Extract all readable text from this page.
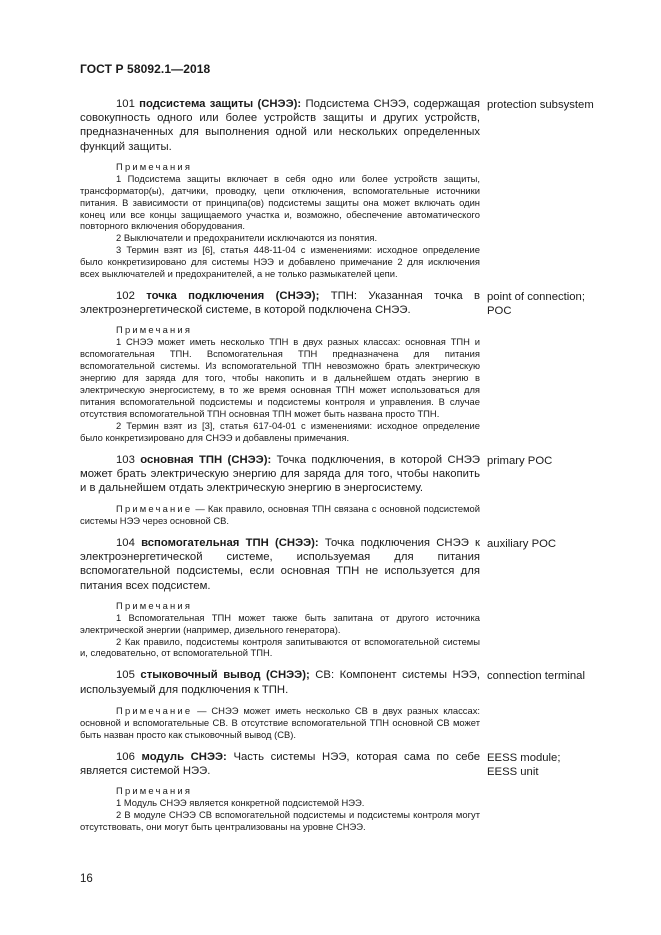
ГОСТ Р 58092.1—2018

101 подсистема защиты (СНЭЭ): Подсистема СНЭЭ, содержащая совокупность одного или более устройств защиты и других устройств, предназначенных для выполнения одной или нескольких определенных функций защиты.

Примечания

1 Подсистема защиты включает в себя одно или более устройств защиты, трансформатор(ы), датчики, проводку, цепи отключения, вспомогательные источники питания. В зависимости от принципа(ов) подсистемы защиты она может включать один конец или все концы защищаемого участка и, возможно, обеспечение автоматического повторного включения оборудования.

2 Выключатели и предохранители исключаются из понятия.

3 Термин взят из [6], статья 448-11-04 с изменениями: исходное определение было конкретизировано для системы НЭЭ и добавлено примечание 2 для исключения всех выключателей и предохранителей, а не только размыкателей цепи.

protection subsystem

102 точка подключения (СНЭЭ); ТПН: Указанная точка в электроэнергетической системе, в которой подключена СНЭЭ.

Примечания

1 СНЭЭ может иметь несколько ТПН в двух разных классах: основная ТПН и вспомогательная ТПН. Вспомогательная ТПН предназначена для питания вспомогательной системы. Из вспомогательной ТПН невозможно брать электрическую энергию для заряда для того, чтобы накопить и в дальнейшем отдать энергию в электрическую энергосистему, в то же время основная ТПН может использоваться для питания вспомогательной подсистемы и подсистемы контроля и управления. В случае отсутствия вспомогательной ТПН основная ТПН может быть названа просто ТПН.

2 Термин взят из [3], статья 617-04-01 с изменениями: исходное определение было конкретизировано для СНЭЭ и добавлены примечания.

point of connection;
POC

103 основная ТПН (СНЭЭ): Точка подключения, в которой СНЭЭ может брать электрическую энергию для заряда для того, чтобы накопить и в дальнейшем отдать электрическую энергию в энергосистему.

Примечание — Как правило, основная ТПН связана с основной подсистемой системы НЭЭ через основной СВ.

primary POC

104 вспомогательная ТПН (СНЭЭ): Точка подключения СНЭЭ к электроэнергетической системе, используемая для питания вспомогательной подсистемы, если основная ТПН не используется для питания всех подсистем.

Примечания

1 Вспомогательная ТПН может также быть запитана от другого источника электрической энергии (например, дизельного генератора).

2 Как правило, подсистемы контроля запитываются от вспомогательной системы и, следовательно, от вспомогательной ТПН.

auxiliary POC

105 стыковочный вывод (СНЭЭ); СВ: Компонент системы НЭЭ, используемый для подключения к ТПН.

Примечание — СНЭЭ может иметь несколько СВ в двух разных классах: основной и вспомогательные СВ. В отсутствие вспомогательной ТПН основной СВ может быть назван просто как стыковочный вывод (СВ).

connection terminal

106 модуль СНЭЭ: Часть системы НЭЭ, которая сама по себе является системой НЭЭ.

Примечания

1 Модуль СНЭЭ является конкретной подсистемой НЭЭ.

2 В модуле СНЭЭ СВ вспомогательной подсистемы и подсистемы контроля могут отсутствовать, они могут быть централизованы на уровне СНЭЭ.

EESS module;
EESS unit
16
